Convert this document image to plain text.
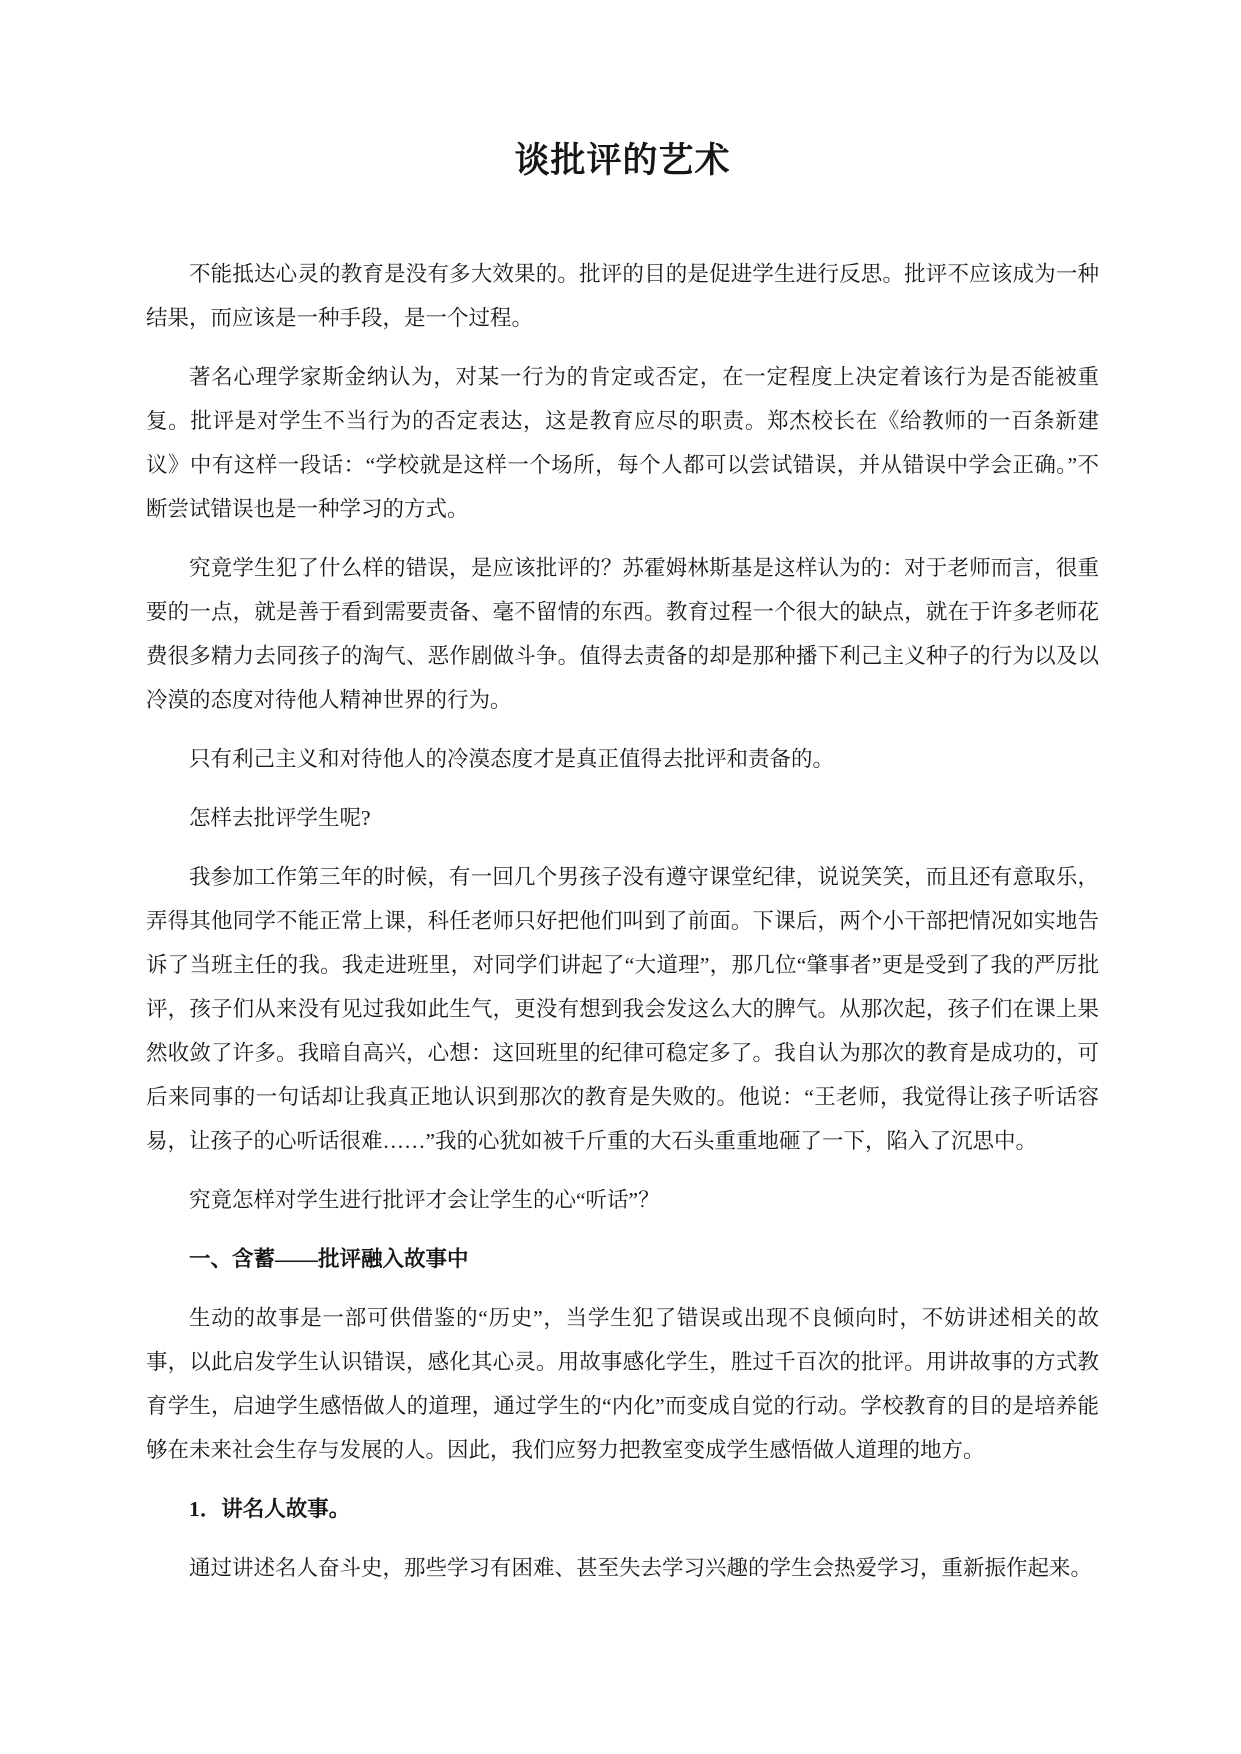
谈批评的艺术

不能抵达心灵的教育是没有多大效果的。批评的目的是促进学生进行反思。批评不应该成为一种结果，而应该是一种手段，是一个过程。

著名心理学家斯金纳认为，对某一行为的肯定或否定，在一定程度上决定着该行为是否能被重复。批评是对学生不当行为的否定表达，这是教育应尽的职责。郑杰校长在《给教师的一百条新建议》中有这样一段话：“学校就是这样一个场所，每个人都可以尝试错误，并从错误中学会正确。”不断尝试错误也是一种学习的方式。

究竟学生犯了什么样的错误，是应该批评的？苏霍姆林斯基是这样认为的：对于老师而言，很重要的一点，就是善于看到需要责备、毫不留情的东西。教育过程一个很大的缺点，就在于许多老师花费很多精力去同孩子的淘气、恶作剧做斗争。值得去责备的却是那种播下利己主义种子的行为以及以冷漠的态度对待他人精神世界的行为。

只有利己主义和对待他人的冷漠态度才是真正值得去批评和责备的。

怎样去批评学生呢?

我参加工作第三年的时候，有一回几个男孩子没有遵守课堂纪律，说说笑笑，而且还有意取乐，弄得其他同学不能正常上课，科任老师只好把他们叫到了前面。下课后，两个小干部把情况如实地告诉了当班主任的我。我走进班里，对同学们讲起了“大道理”，那几位“肇事者”更是受到了我的严厉批评，孩子们从来没有见过我如此生气，更没有想到我会发这么大的脾气。从那次起，孩子们在课上果然收敛了许多。我暗自高兴，心想：这回班里的纪律可稳定多了。我自认为那次的教育是成功的，可后来同事的一句话却让我真正地认识到那次的教育是失败的。他说：“王老师，我觉得让孩子听话容易，让孩子的心听话很难……”我的心犹如被千斤重的大石头重重地砸了一下，陷入了沉思中。

究竟怎样对学生进行批评才会让学生的心“听话”？

一、含蓄——批评融入故事中

生动的故事是一部可供借鉴的“历史”，当学生犯了错误或出现不良倾向时，不妨讲述相关的故事，以此启发学生认识错误，感化其心灵。用故事感化学生，胜过千百次的批评。用讲故事的方式教育学生，启迪学生感悟做人的道理，通过学生的“内化”而变成自觉的行动。学校教育的目的是培养能够在未来社会生存与发展的人。因此，我们应努力把教室变成学生感悟做人道理的地方。

1．讲名人故事。

通过讲述名人奋斗史，那些学习有困难、甚至失去学习兴趣的学生会热爱学习，重新振作起来。
